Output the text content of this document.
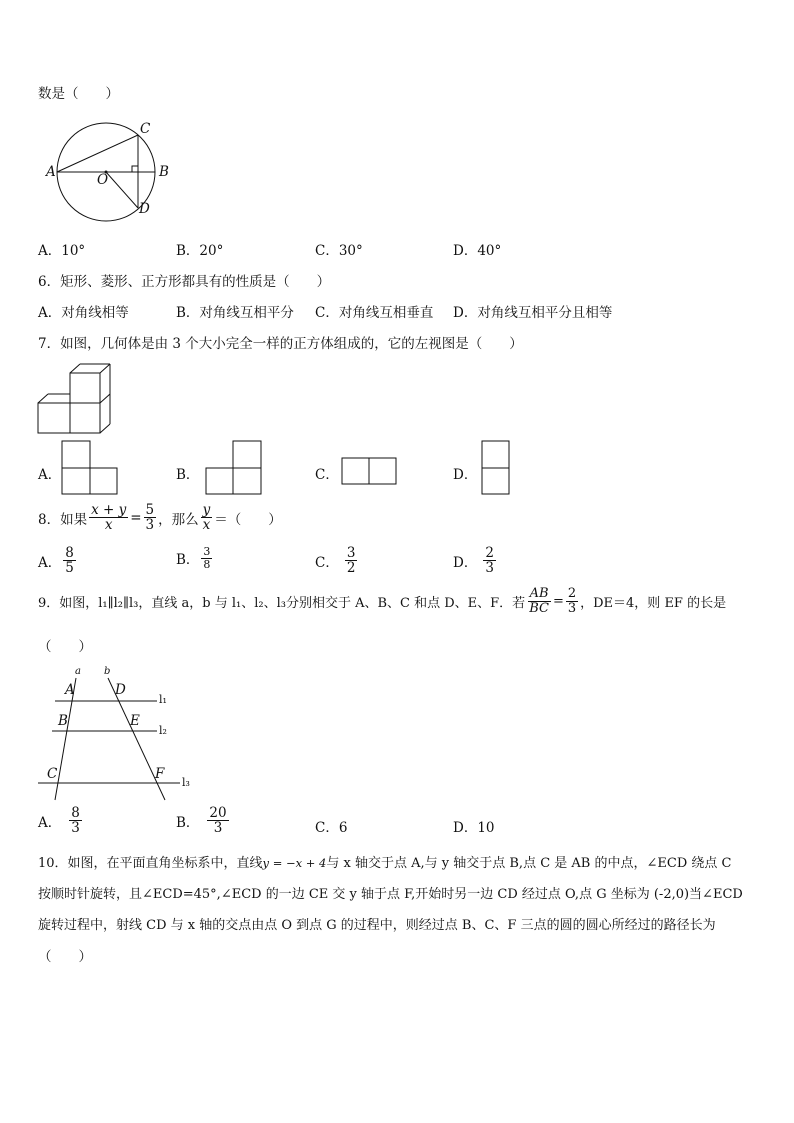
数是（　　）
C
A	O	B
D
A．10°	B．20°	C．30°	D．40°
6．矩形、菱形、正方形都具有的性质是（　　）
A．对角线相等	B．对角线互相平分 C．对角线互相垂直 D．对角线互相平分且相等
7．如图，几何体是由 3 个大小完全一样的正方体组成的，它的左视图是（　　）
A．	B．	C．	D．
8．如果 $\frac{x + y}{x} = \frac{5}{3}$ ，那么 $\frac{y}{x}$ ＝（　　）
A． $\frac{8}{5}$	B． $\frac{3}{8}$	C． $\frac{3}{2}$	D． $\frac{2}{3}$
9．如图，l₁∥l₂∥l₃，直线 a，b 与 l₁、l₂、l₃分别相交于 A、B、C 和点 D、E、F．若 $\frac{AB}{BC} = \frac{2}{3}$ ，DE＝4，则 EF 的长是
（　　）
a b
A	D
l₁
B	E
l₂
C	F
l₃
A． $\frac{8}{3}$	B． $\frac{20}{3}$	C．6	D．10
10．如图，在平面直角坐标系中，直线y = −x + 4与 x 轴交于点 A,与 y 轴交于点 B,点 C 是 AB 的中点，∠ECD 绕点 C
按顺时针旋转，且∠ECD=45°,∠ECD 的一边 CE 交 y 轴于点 F,开始时另一边 CD 经过点 O,点 G 坐标为 (-2,0)当∠ECD
旋转过程中，射线 CD 与 x 轴的交点由点 O 到点 G 的过程中，则经过点 B、C、F 三点的圆的圆心所经过的路径长为
（　　）
